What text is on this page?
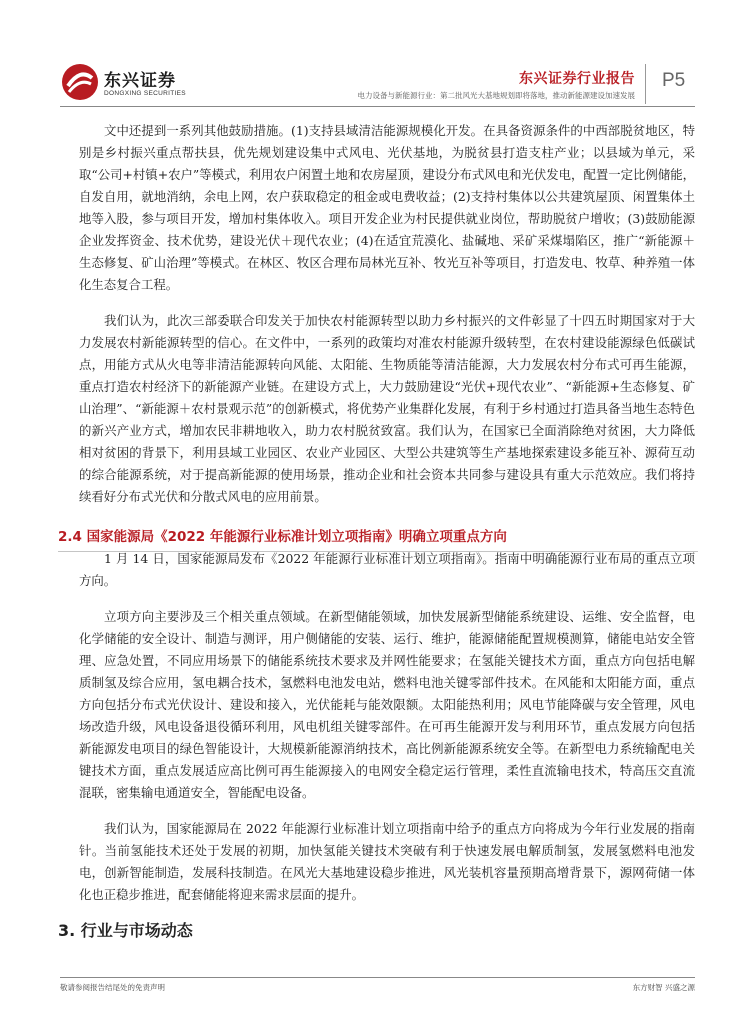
东兴证券
DONGXING SECURITIES
东兴证券行业报告
电力设备与新能源行业：第二批风光大基地规划即将落地，推动新能源建设加速发展
P5

文中还提到一系列其他鼓励措施。(1)支持县域清洁能源规模化开发。在具备资源条件的中西部脱贫地区，特别是乡村振兴重点帮扶县，优先规划建设集中式风电、光伏基地，为脱贫县打造支柱产业；以县域为单元，采取“公司+村镇+农户”等模式，利用农户闲置土地和农房屋顶，建设分布式风电和光伏发电，配置一定比例储能，自发自用，就地消纳，余电上网，农户获取稳定的租金或电费收益；(2)支持村集体以公共建筑屋顶、闲置集体土地等入股，参与项目开发，增加村集体收入。项目开发企业为村民提供就业岗位，帮助脱贫户增收；(3)鼓励能源企业发挥资金、技术优势，建设光伏＋现代农业；(4)在适宜荒漠化、盐碱地、采矿采煤塌陷区，推广“新能源＋生态修复、矿山治理”等模式。在林区、牧区合理布局林光互补、牧光互补等项目，打造发电、牧草、种养殖一体化生态复合工程。

我们认为，此次三部委联合印发关于加快农村能源转型以助力乡村振兴的文件彰显了十四五时期国家对于大力发展农村新能源转型的信心。在文件中，一系列的政策均对准农村能源升级转型，在农村建设能源绿色低碳试点，用能方式从火电等非清洁能源转向风能、太阳能、生物质能等清洁能源，大力发展农村分布式可再生能源，重点打造农村经济下的新能源产业链。在建设方式上，大力鼓励建设“光伏+现代农业”、“新能源+生态修复、矿山治理”、“新能源＋农村景观示范”的创新模式，将优势产业集群化发展，有利于乡村通过打造具备当地生态特色的新兴产业方式，增加农民非耕地收入，助力农村脱贫致富。我们认为，在国家已全面消除绝对贫困，大力降低相对贫困的背景下，利用县域工业园区、农业产业园区、大型公共建筑等生产基地探索建设多能互补、源荷互动的综合能源系统，对于提高新能源的使用场景，推动企业和社会资本共同参与建设具有重大示范效应。我们将持续看好分布式光伏和分散式风电的应用前景。

2.4 国家能源局《2022 年能源行业标准计划立项指南》明确立项重点方向

1 月 14 日，国家能源局发布《2022 年能源行业标准计划立项指南》。指南中明确能源行业布局的重点立项方向。

立项方向主要涉及三个相关重点领域。在新型储能领域，加快发展新型储能系统建设、运维、安全监督，电化学储能的安全设计、制造与测评，用户侧储能的安装、运行、维护，能源储能配置规模测算，储能电站安全管理、应急处置，不同应用场景下的储能系统技术要求及并网性能要求；在氢能关键技术方面，重点方向包括电解质制氢及综合应用，氢电耦合技术，氢燃料电池发电站，燃料电池关键零部件技术。在风能和太阳能方面，重点方向包括分布式光伏设计、建设和接入，光伏能耗与能效限额。太阳能热利用；风电节能降碳与安全管理，风电场改造升级，风电设备退役循环利用，风电机组关键零部件。在可再生能源开发与利用环节，重点发展方向包括新能源发电项目的绿色智能设计，大规模新能源消纳技术，高比例新能源系统安全等。在新型电力系统输配电关键技术方面，重点发展适应高比例可再生能源接入的电网安全稳定运行管理，柔性直流输电技术，特高压交直流混联，密集输电通道安全，智能配电设备。

我们认为，国家能源局在 2022 年能源行业标准计划立项指南中给予的重点方向将成为今年行业发展的指南针。当前氢能技术还处于发展的初期，加快氢能关键技术突破有利于快速发展电解质制氢，发展氢燃料电池发电，创新智能制造，发展科技制造。在风光大基地建设稳步推进，风光装机容量预期高增背景下，源网荷储一体化也正稳步推进，配套储能将迎来需求层面的提升。

3. 行业与市场动态
敬请参阅报告结尾处的免责声明	东方财智 兴盛之源
